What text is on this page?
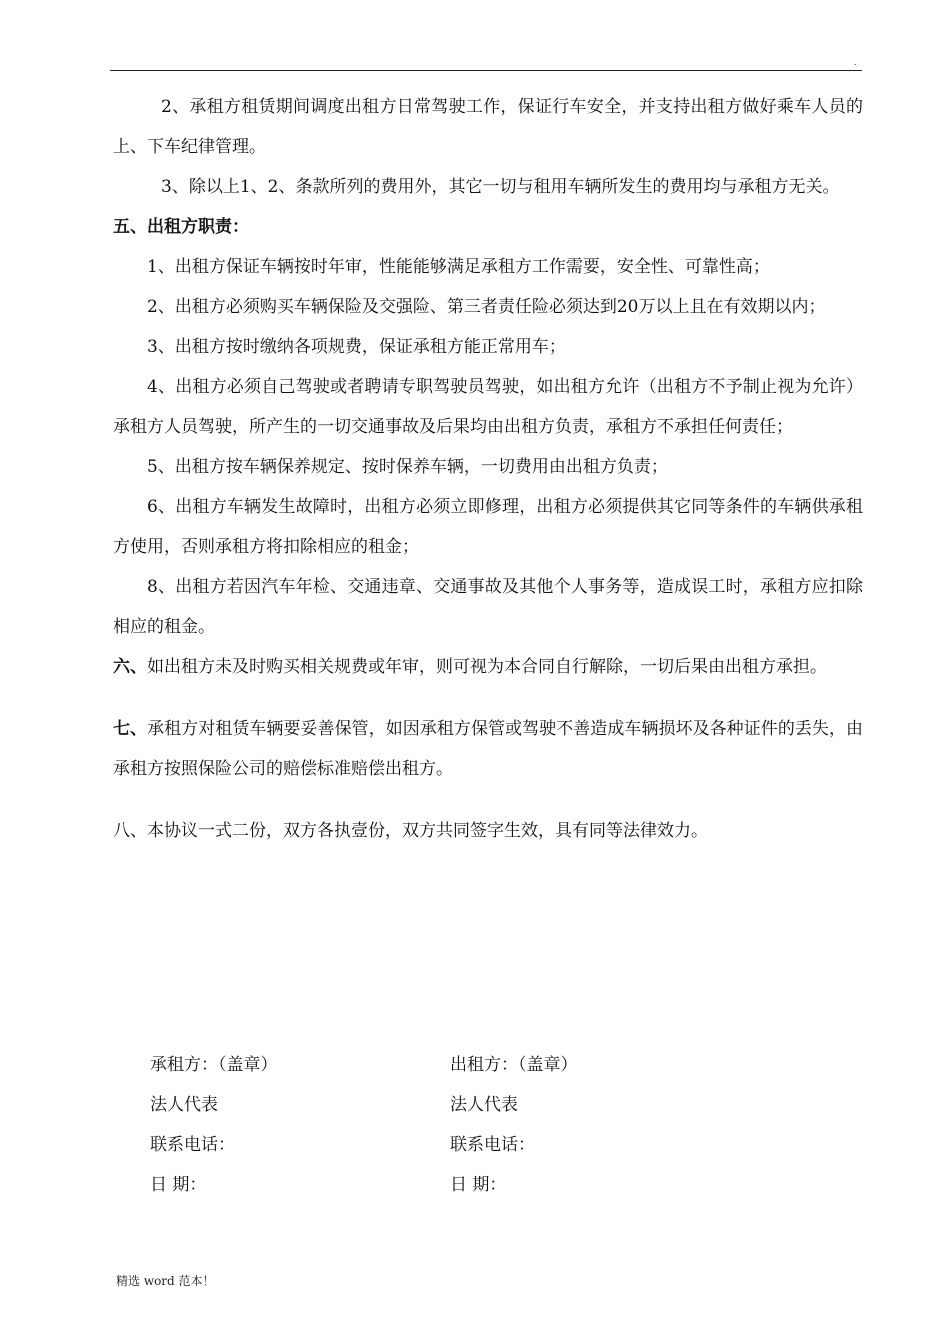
.

2、承租方租赁期间调度出租方日常驾驶工作，保证行车安全，并支持出租方做好乘车人员的上、下车纪律管理。

3、除以上1、2、条款所列的费用外，其它一切与租用车辆所发生的费用均与承租方无关。

五、出租方职责：

1、出租方保证车辆按时年审，性能能够满足承租方工作需要，安全性、可靠性高；

2、出租方必须购买车辆保险及交强险、第三者责任险必须达到20万以上且在有效期以内；

3、出租方按时缴纳各项规费，保证承租方能正常用车；

4、出租方必须自己驾驶或者聘请专职驾驶员驾驶，如出租方允许（出租方不予制止视为允许）承租方人员驾驶，所产生的一切交通事故及后果均由出租方负责，承租方不承担任何责任；

5、出租方按车辆保养规定、按时保养车辆，一切费用由出租方负责；

6、出租方车辆发生故障时，出租方必须立即修理，出租方必须提供其它同等条件的车辆供承租方使用，否则承租方将扣除相应的租金；

8、出租方若因汽车年检、交通违章、交通事故及其他个人事务等，造成误工时，承租方应扣除相应的租金。

六、如出租方未及时购买相关规费或年审，则可视为本合同自行解除，一切后果由出租方承担。

七、承租方对租赁车辆要妥善保管，如因承租方保管或驾驶不善造成车辆损坏及各种证件的丢失，由承租方按照保险公司的赔偿标准赔偿出租方。

八、本协议一式二份，双方各执壹份，双方共同签字生效，具有同等法律效力。

承租方：（盖章）	出租方：（盖章）
法人代表	法人代表
联系电话：	联系电话：
日 期：	日 期：
精选 word 范本！
